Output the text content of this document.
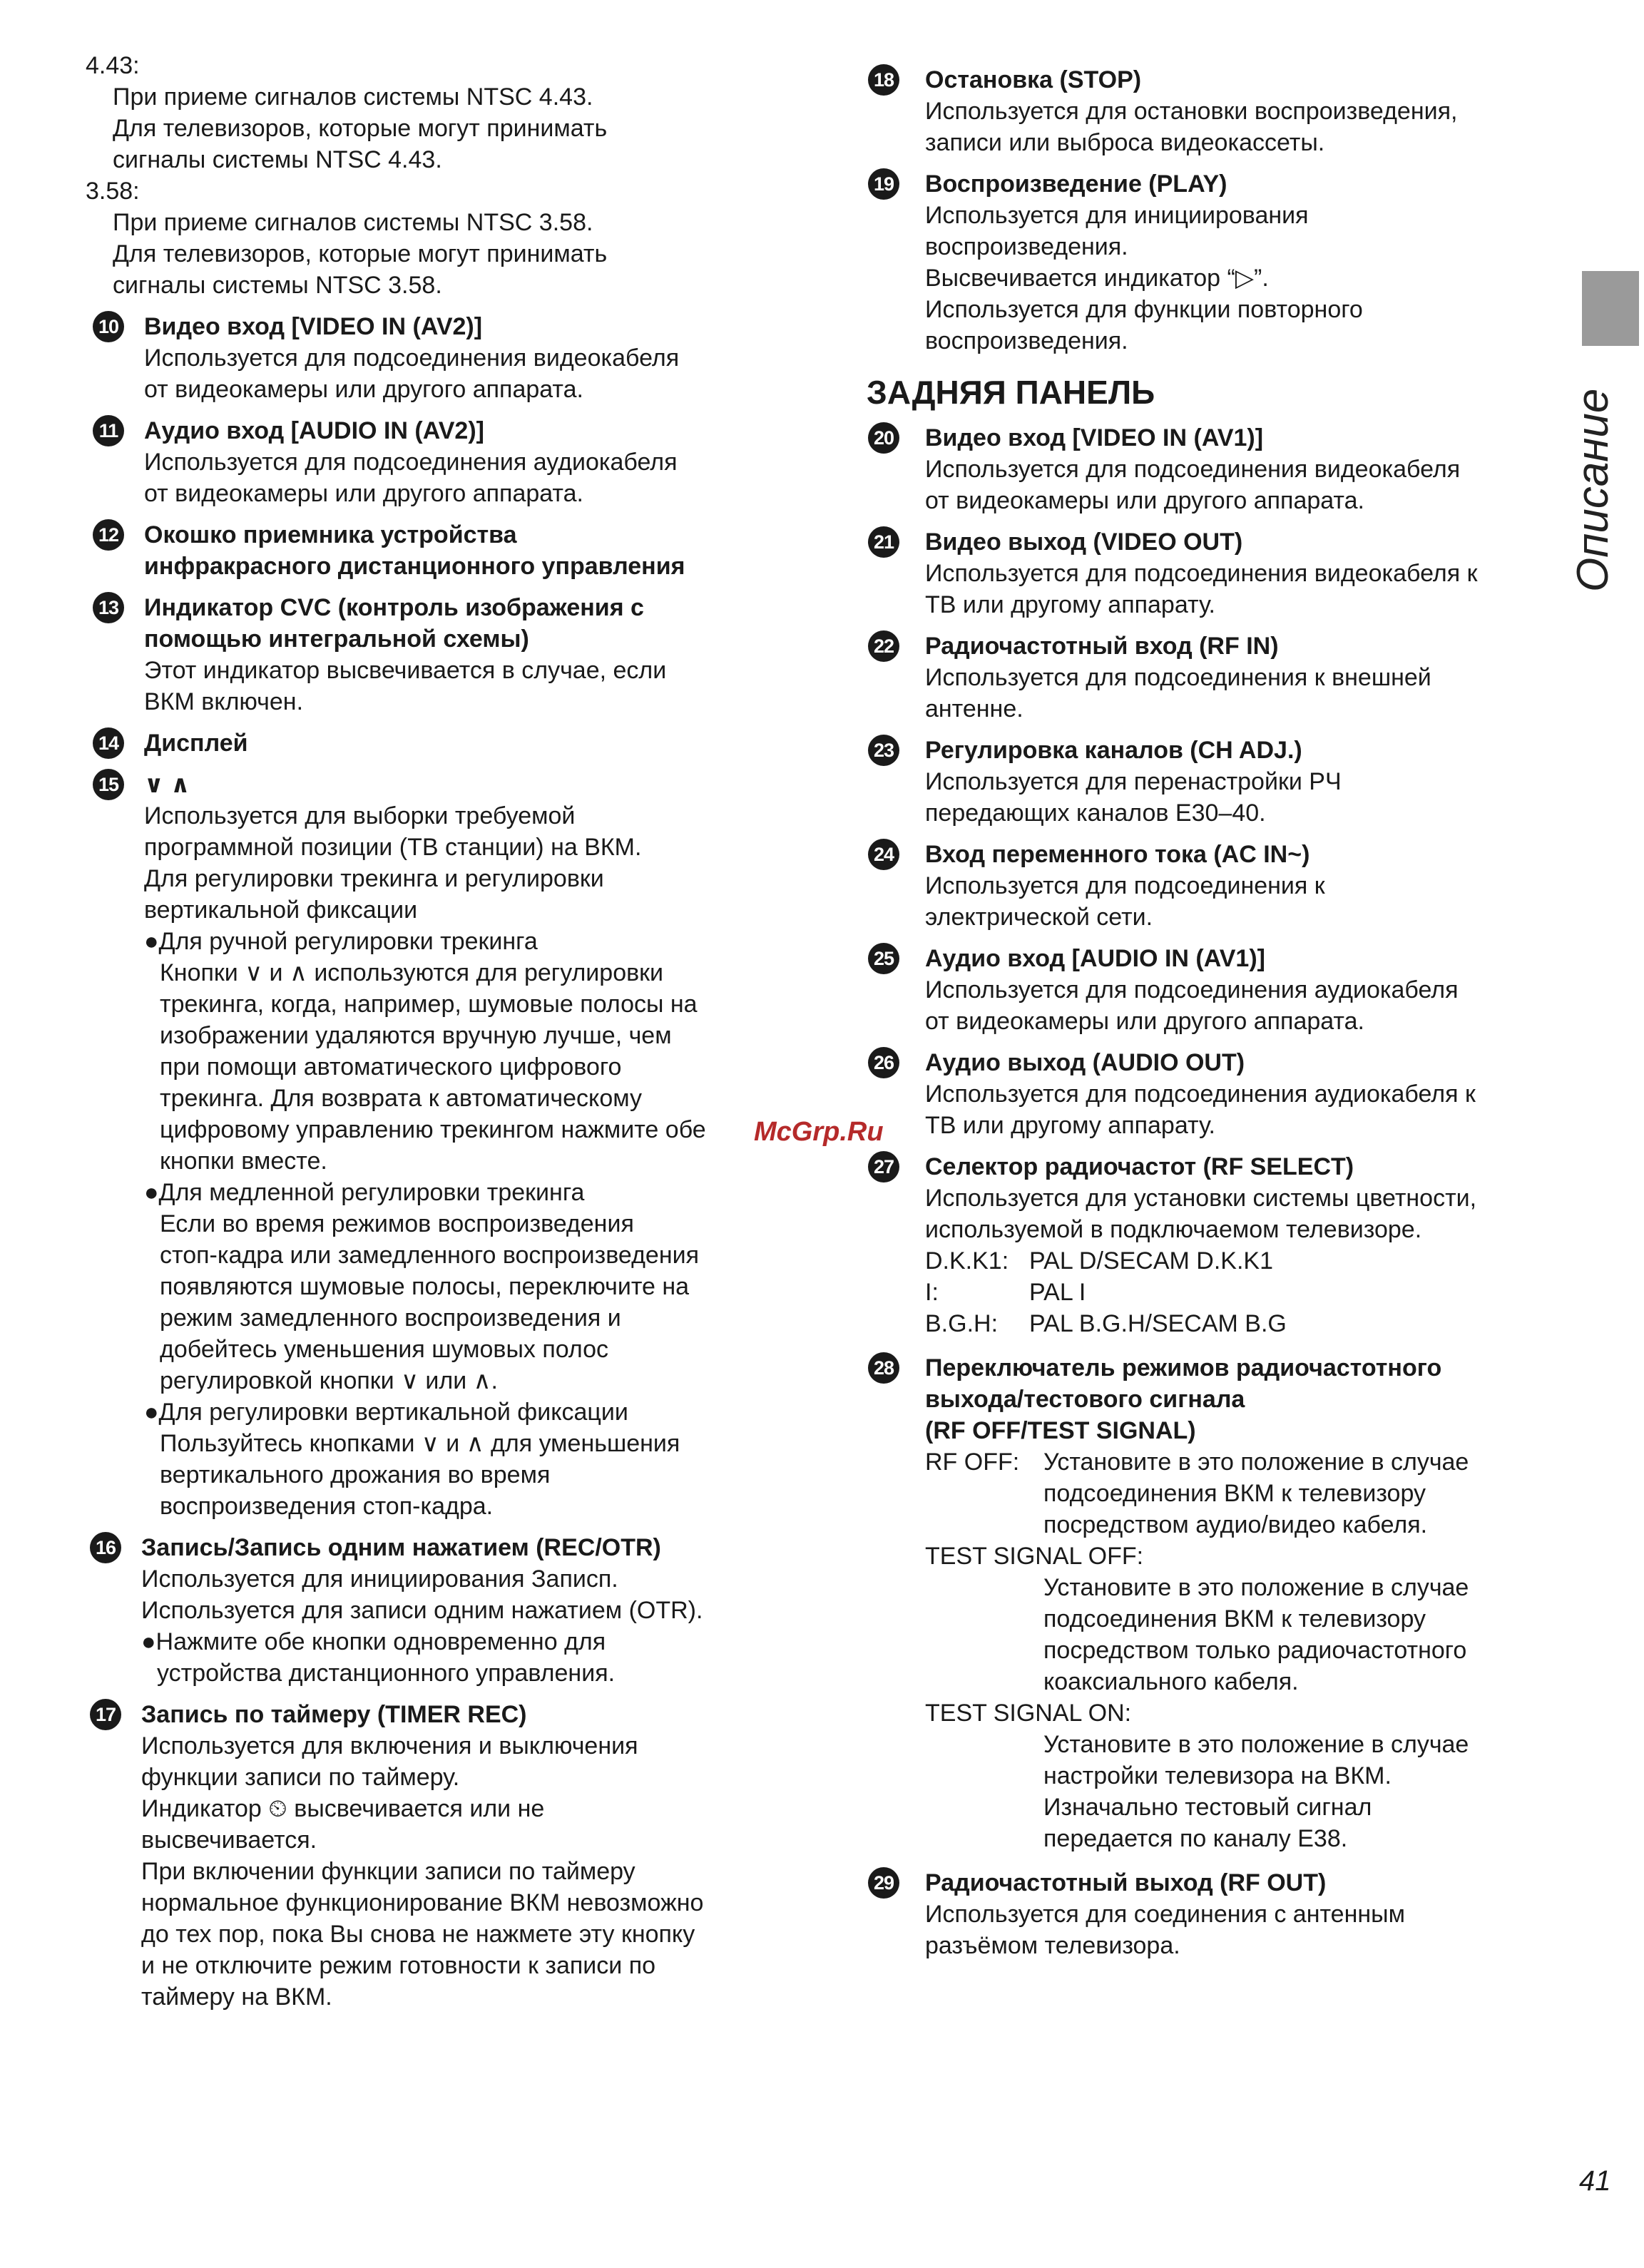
4.43:

При приеме сигналов системы NTSC 4.43.

Для телевизоров, которые могут принимать

сигналы системы NTSC 4.43.

3.58:

При приеме сигналов системы NTSC 3.58.

Для телевизоров, которые могут принимать

сигналы системы NTSC 3.58.

10 Видео вход [VIDEO IN (AV2)]
Используется для подсоединения видеокабеля
от видеокамеры или другого аппарата.
11 Аудио вход [AUDIO IN (AV2)]
Используется для подсоединения аудиокабеля
от видеокамеры или другого аппарата.
12 Окошко приемника устройства
инфракрасного дистанционного управления
13 Индикатор CVC (контроль изображения с
помощью интегральной схемы)
Этот индикатор высвечивается в случае, если
ВКМ включен.
14 Дисплей
15 ∨ ∧
Используется для выборки требуемой
программной позиции (ТВ станции) на ВКМ.
Для регулировки трекинга и регулировки
вертикальной фиксации
●Для ручной регулировки трекинга
Кнопки ∨ и ∧ используются для регулировки
трекинга, когда, например, шумовые полосы на
изображении удаляются вручную лучше, чем
при помощи автоматического цифрового
трекинга. Для возврата к автоматическому
цифровому управлению трекингом нажмите обе
кнопки вместе.
●Для медленной регулировки трекинга
Если во время режимов воспроизведения
стоп-кадра или замедленного воспроизведения
появляются шумовые полосы, переключите на
режим замедленного воспроизведения и
добейтесь уменьшения шумовых полос
регулировкой кнопки ∨ или ∧.
●Для регулировки вертикальной фиксации
Пользуйтесь кнопками ∨ и ∧ для уменьшения
вертикального дрожания во время
воспроизведения стоп-кадра.
16 Запись/Запись одним нажатием (REC/OTR)
Используется для инициирования Записп.
Используется для записи одним нажатием (OTR).
●Нажмите обе кнопки одновременно для
устройства дистанционного управления.
17 Запись по таймеру (TIMER REC)
Используется для включения и выключения
функции записи по таймеру.
Индикатор ⏲ высвечивается или не
высвечивается.
При включении функции записи по таймеру
нормальное функционирование ВКМ невозможно
до тех пор, пока Вы снова не нажмете эту кнопку
и не отключите режим готовности к записи по
таймеру на ВКМ.
18 Остановка (STOP)
Используется для остановки воспроизведения,
записи или выброса видеокассеты.
19 Воспроизведение (PLAY)
Используется для инициирования
воспроизведения.
Высвечивается индикатор “▷”.
Используется для функции повторного
воспроизведения.
ЗАДНЯЯ ПАНЕЛЬ
20 Видео вход [VIDEO IN (AV1)]
Используется для подсоединения видеокабеля
от видеокамеры или другого аппарата.
21 Видео выход (VIDEO OUT)
Используется для подсоединения видеокабеля к
ТВ или другому аппарату.
22 Радиочастотный вход (RF IN)
Используется для подсоединения к внешней
антенне.
23 Регулировка каналов (CH ADJ.)
Используется для перенастройки РЧ
передающих каналов E30–40.
24 Вход переменного тока (AC IN~)
Используется для подсоединения к
электрической сети.
25 Аудио вход [AUDIO IN (AV1)]
Используется для подсоединения аудиокабеля
от видеокамеры или другого аппарата.
26 Аудио выход (AUDIO OUT)
Используется для подсоединения аудиокабеля к
ТВ или другому аппарату.
27 Селектор радиочастот (RF SELECT)
Используется для установки системы цветности,
используемой в подключаемом телевизоре.
D.K.K1: PAL D/SECAM D.K.K1
I:	PAL I
B.G.H:	PAL B.G.H/SECAM B.G
28 Переключатель режимов радиочастотного
выхода/тестового сигнала
(RF OFF/TEST SIGNAL)
RF OFF: Установите в это положение в случае
подсоединения ВКМ к телевизору
посредством аудио/видео кабеля.
TEST SIGNAL OFF:
Установите в это положение в случае
подсоединения ВКМ к телевизору
посредством только радиочастотного
коаксиального кабеля.
TEST SIGNAL ON:
Установите в это положение в случае
настройки телевизора на ВКМ.
Изначально тестовый сигнал
передается по каналу E38.
29 Радиочастотный выход (RF OUT)
Используется для соединения с антенным
разъёмом телевизора.
McGrp.Ru
Описание
41
